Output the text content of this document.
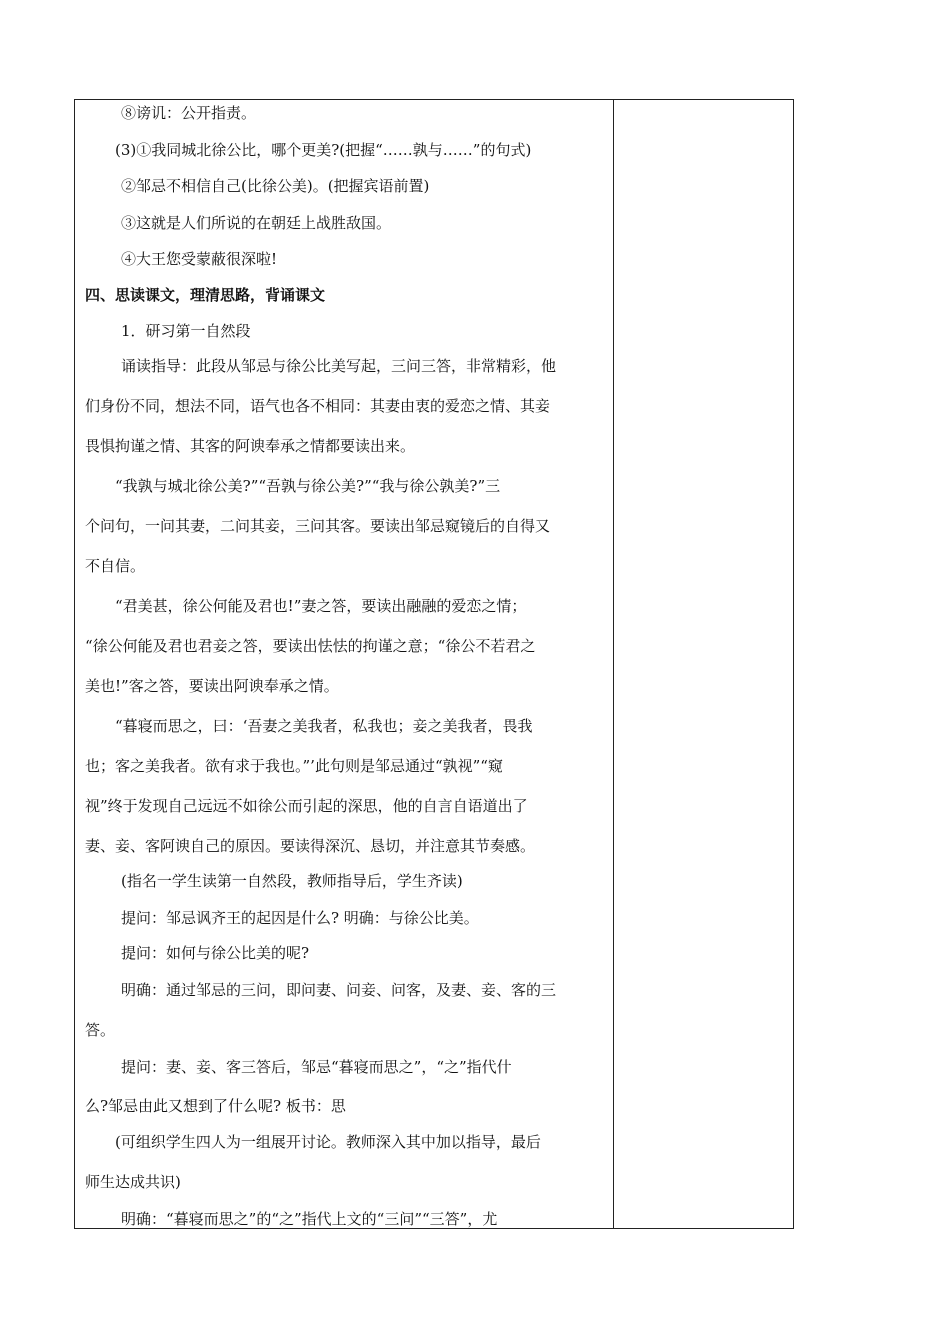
⑧谤讥：公开指责。
(3)①我同城北徐公比，哪个更美?(把握“……孰与……”的句式)
②邹忌不相信自己(比徐公美)。(把握宾语前置)
③这就是人们所说的在朝廷上战胜敌国。
④大王您受蒙蔽很深啦!
四、思读课文，理清思路，背诵课文
1．研习第一自然段
诵读指导：此段从邹忌与徐公比美写起，三问三答，非常精彩，他
们身份不同，想法不同，语气也各不相同：其妻由衷的爱恋之情、其妾
畏惧拘谨之情、其客的阿谀奉承之情都要读出来。
“我孰与城北徐公美?”“吾孰与徐公美?”“我与徐公孰美?”三
个问句，一问其妻，二问其妾，三问其客。要读出邹忌窥镜后的自得又
不自信。
“君美甚，徐公何能及君也!”妻之答，要读出融融的爱恋之情；
“徐公何能及君也君妾之答，要读出怯怯的拘谨之意；“徐公不若君之
美也!”客之答，要读出阿谀奉承之情。
“暮寝而思之，曰：‘吾妻之美我者，私我也；妾之美我者，畏我
也；客之美我者。欲有求于我也。”’此句则是邹忌通过“孰视”“窥
视”终于发现自己远远不如徐公而引起的深思，他的自言自语道出了
妻、妾、客阿谀自己的原因。要读得深沉、恳切，并注意其节奏感。
(指名一学生读第一自然段，教师指导后，学生齐读)
提问：邹忌讽齐王的起因是什么? 明确：与徐公比美。
提问：如何与徐公比美的呢?
明确：通过邹忌的三问，即问妻、问妾、问客，及妻、妾、客的三
答。
提问：妻、妾、客三答后，邹忌“暮寝而思之”，“之”指代什
么?邹忌由此又想到了什么呢? 板书：思
(可组织学生四人为一组展开讨论。教师深入其中加以指导，最后
师生达成共识)
明确：“暮寝而思之”的“之”指代上文的“三问”“三答”，尤
